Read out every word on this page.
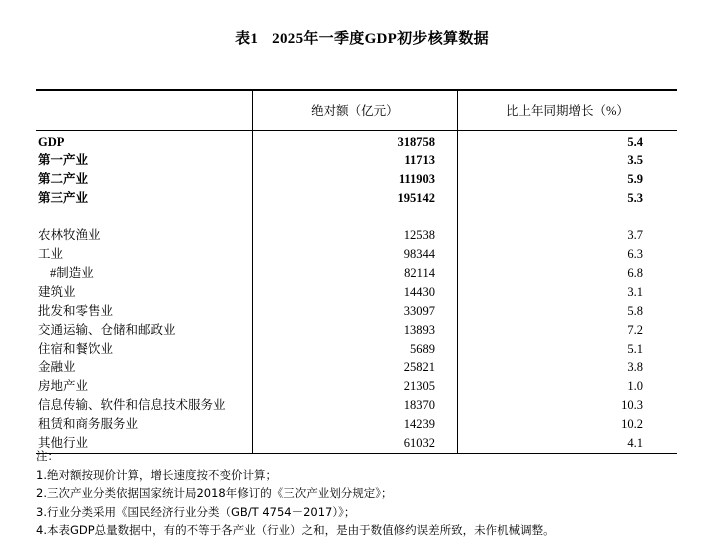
表1 2025年一季度GDP初步核算数据
	绝对额（亿元）	比上年同期增长（%）
GDP	318758	5.4
第一产业	11713	3.5
第二产业	111903	5.9
第三产业	195142	5.3

农林牧渔业	12538	3.7
工业	98344	6.3
#制造业	82114	6.8
建筑业	14430	3.1
批发和零售业	33097	5.8
交通运输、仓储和邮政业	13893	7.2
住宿和餐饮业	5689	5.1
金融业	25821	3.8
房地产业	21305	1.0
信息传输、软件和信息技术服务业	18370	10.3
租赁和商务服务业	14239	10.2
其他行业	61032	4.1
注：
1.绝对额按现价计算，增长速度按不变价计算；
2.三次产业分类依据国家统计局2018年修订的《三次产业划分规定》；
3.行业分类采用《国民经济行业分类（GB/T 4754－2017）》；
4.本表GDP总量数据中，有的不等于各产业（行业）之和，是由于数值修约误差所致，未作机械调整。
